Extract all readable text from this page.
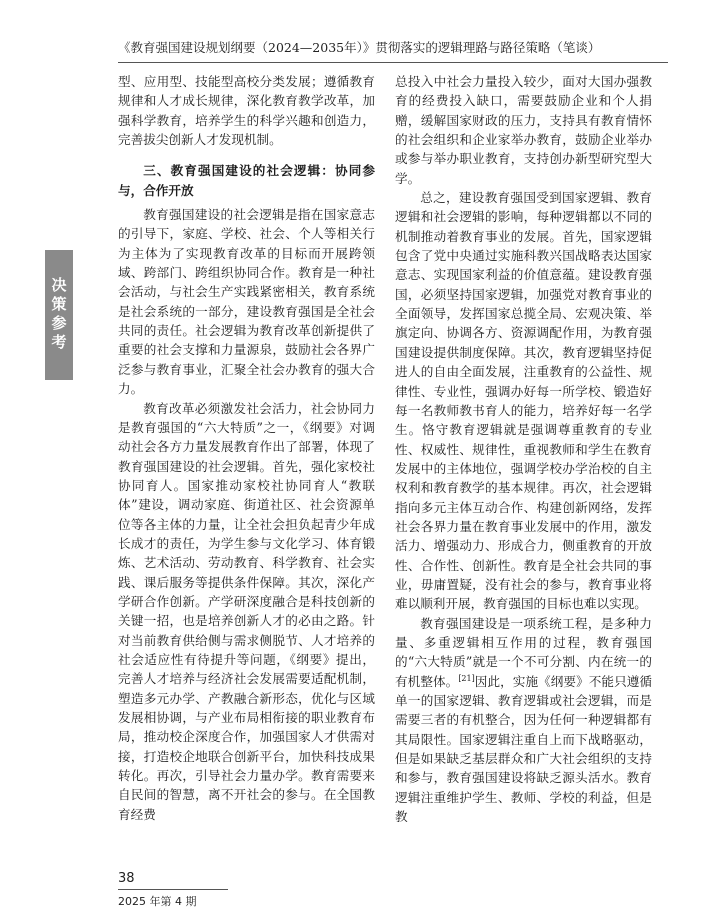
《教育强国建设规划纲要（2024—2035年）》贯彻落实的逻辑理路与路径策略（笔谈）
决策参考

型、应用型、技能型高校分类发展；遵循教育规律和人才成长规律，深化教育教学改革，加强科学教育，培养学生的科学兴趣和创造力，完善拔尖创新人才发现机制。

三、教育强国建设的社会逻辑：协同参与，合作开放

教育强国建设的社会逻辑是指在国家意志的引导下，家庭、学校、社会、个人等相关行为主体为了实现教育改革的目标而开展跨领域、跨部门、跨组织协同合作。教育是一种社会活动，与社会生产实践紧密相关，教育系统是社会系统的一部分，建设教育强国是全社会共同的责任。社会逻辑为教育改革创新提供了重要的社会支撑和力量源泉，鼓励社会各界广泛参与教育事业，汇聚全社会办教育的强大合力。

教育改革必须激发社会活力，社会协同力是教育强国的“六大特质”之一，《纲要》对调动社会各方力量发展教育作出了部署，体现了教育强国建设的社会逻辑。首先，强化家校社协同育人。国家推动家校社协同育人“教联体”建设，调动家庭、街道社区、社会资源单位等各主体的力量，让全社会担负起青少年成长成才的责任，为学生参与文化学习、体育锻炼、艺术活动、劳动教育、科学教育、社会实践、课后服务等提供条件保障。其次，深化产学研合作创新。产学研深度融合是科技创新的关键一招，也是培养创新人才的必由之路。针对当前教育供给侧与需求侧脱节、人才培养的社会适应性有待提升等问题，《纲要》提出，完善人才培养与经济社会发展需要适配机制，塑造多元办学、产教融合新形态，优化与区域发展相协调，与产业布局相衔接的职业教育布局，推动校企深度合作，加强国家人才供需对接，打造校企地联合创新平台，加快科技成果转化。再次，引导社会力量办学。教育需要来自民间的智慧，离不开社会的参与。在全国教育经费

总投入中社会力量投入较少，面对大国办强教育的经费投入缺口，需要鼓励企业和个人捐赠，缓解国家财政的压力，支持具有教育情怀的社会组织和企业家举办教育，鼓励企业举办或参与举办职业教育，支持创办新型研究型大学。

总之，建设教育强国受到国家逻辑、教育逻辑和社会逻辑的影响，每种逻辑都以不同的机制推动着教育事业的发展。首先，国家逻辑包含了党中央通过实施科教兴国战略表达国家意志、实现国家利益的价值意蕴。建设教育强国，必须坚持国家逻辑，加强党对教育事业的全面领导，发挥国家总揽全局、宏观决策、举旗定向、协调各方、资源调配作用，为教育强国建设提供制度保障。其次，教育逻辑坚持促进人的自由全面发展，注重教育的公益性、规律性、专业性，强调办好每一所学校、锻造好每一名教师教书育人的能力，培养好每一名学生。恪守教育逻辑就是强调尊重教育的专业性、权威性、规律性，重视教师和学生在教育发展中的主体地位，强调学校办学治校的自主权利和教育教学的基本规律。再次，社会逻辑指向多元主体互动合作、构建创新网络，发挥社会各界力量在教育事业发展中的作用，激发活力、增强动力、形成合力，侧重教育的开放性、合作性、创新性。教育是全社会共同的事业，毋庸置疑，没有社会的参与，教育事业将难以顺利开展，教育强国的目标也难以实现。

教育强国建设是一项系统工程，是多种力量、多重逻辑相互作用的过程，教育强国的“六大特质”就是一个不可分割、内在统一的有机整体。[21]因此，实施《纲要》不能只遵循单一的国家逻辑、教育逻辑或社会逻辑，而是需要三者的有机整合，因为任何一种逻辑都有其局限性。国家逻辑注重自上而下战略驱动，但是如果缺乏基层群众和广大社会组织的支持和参与，教育强国建设将缺乏源头活水。教育逻辑注重维护学生、教师、学校的利益，但是教

38
2025 年第 4 期
